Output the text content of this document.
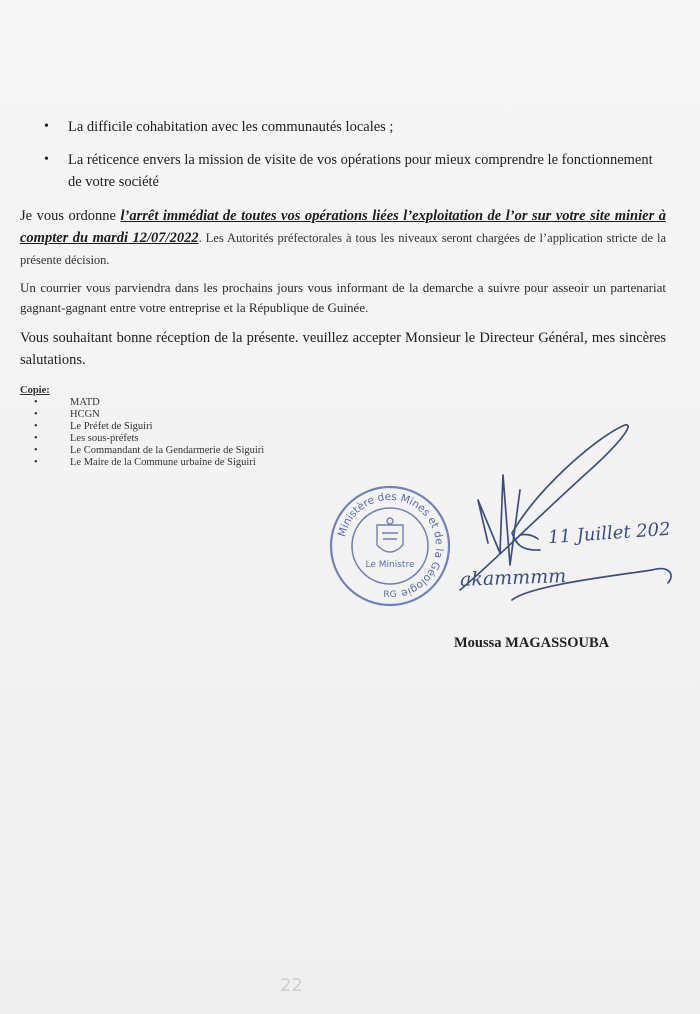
• La difficile cohabitation avec les communautés locales ;
• La réticence envers la mission de visite de vos opérations pour mieux comprendre le fonctionnement de votre société
Je vous ordonne l’arrêt immédiat de toutes vos opérations liées l’exploitation de l’or sur votre site minier à compter du mardi 12/07/2022. Les Autorités préfectorales à tous les niveaux seront chargées de l’application stricte de la présente décision.
Un courrier vous parviendra dans les prochains jours vous informant de la demarche a suivre pour asseoir un partenariat gagnant-gagnant entre votre entreprise et la République de Guinée.
Vous souhaitant bonne réception de la présente. veuillez accepter Monsieur le Directeur Général, mes sincères salutations.
Copie:
•	MATD
•	HCGN
•	Le Préfet de Siguiri
•	Les sous-préfets
•	Le Commandant de la Gendarmerie de Siguiri
•	Le Maire de la Commune urbaine de Siguiri
Ministère des Mines et de la Géologie
Le Ministre
RG
akammmm
11 Juillet 202
Moussa MAGASSOUBA
22
